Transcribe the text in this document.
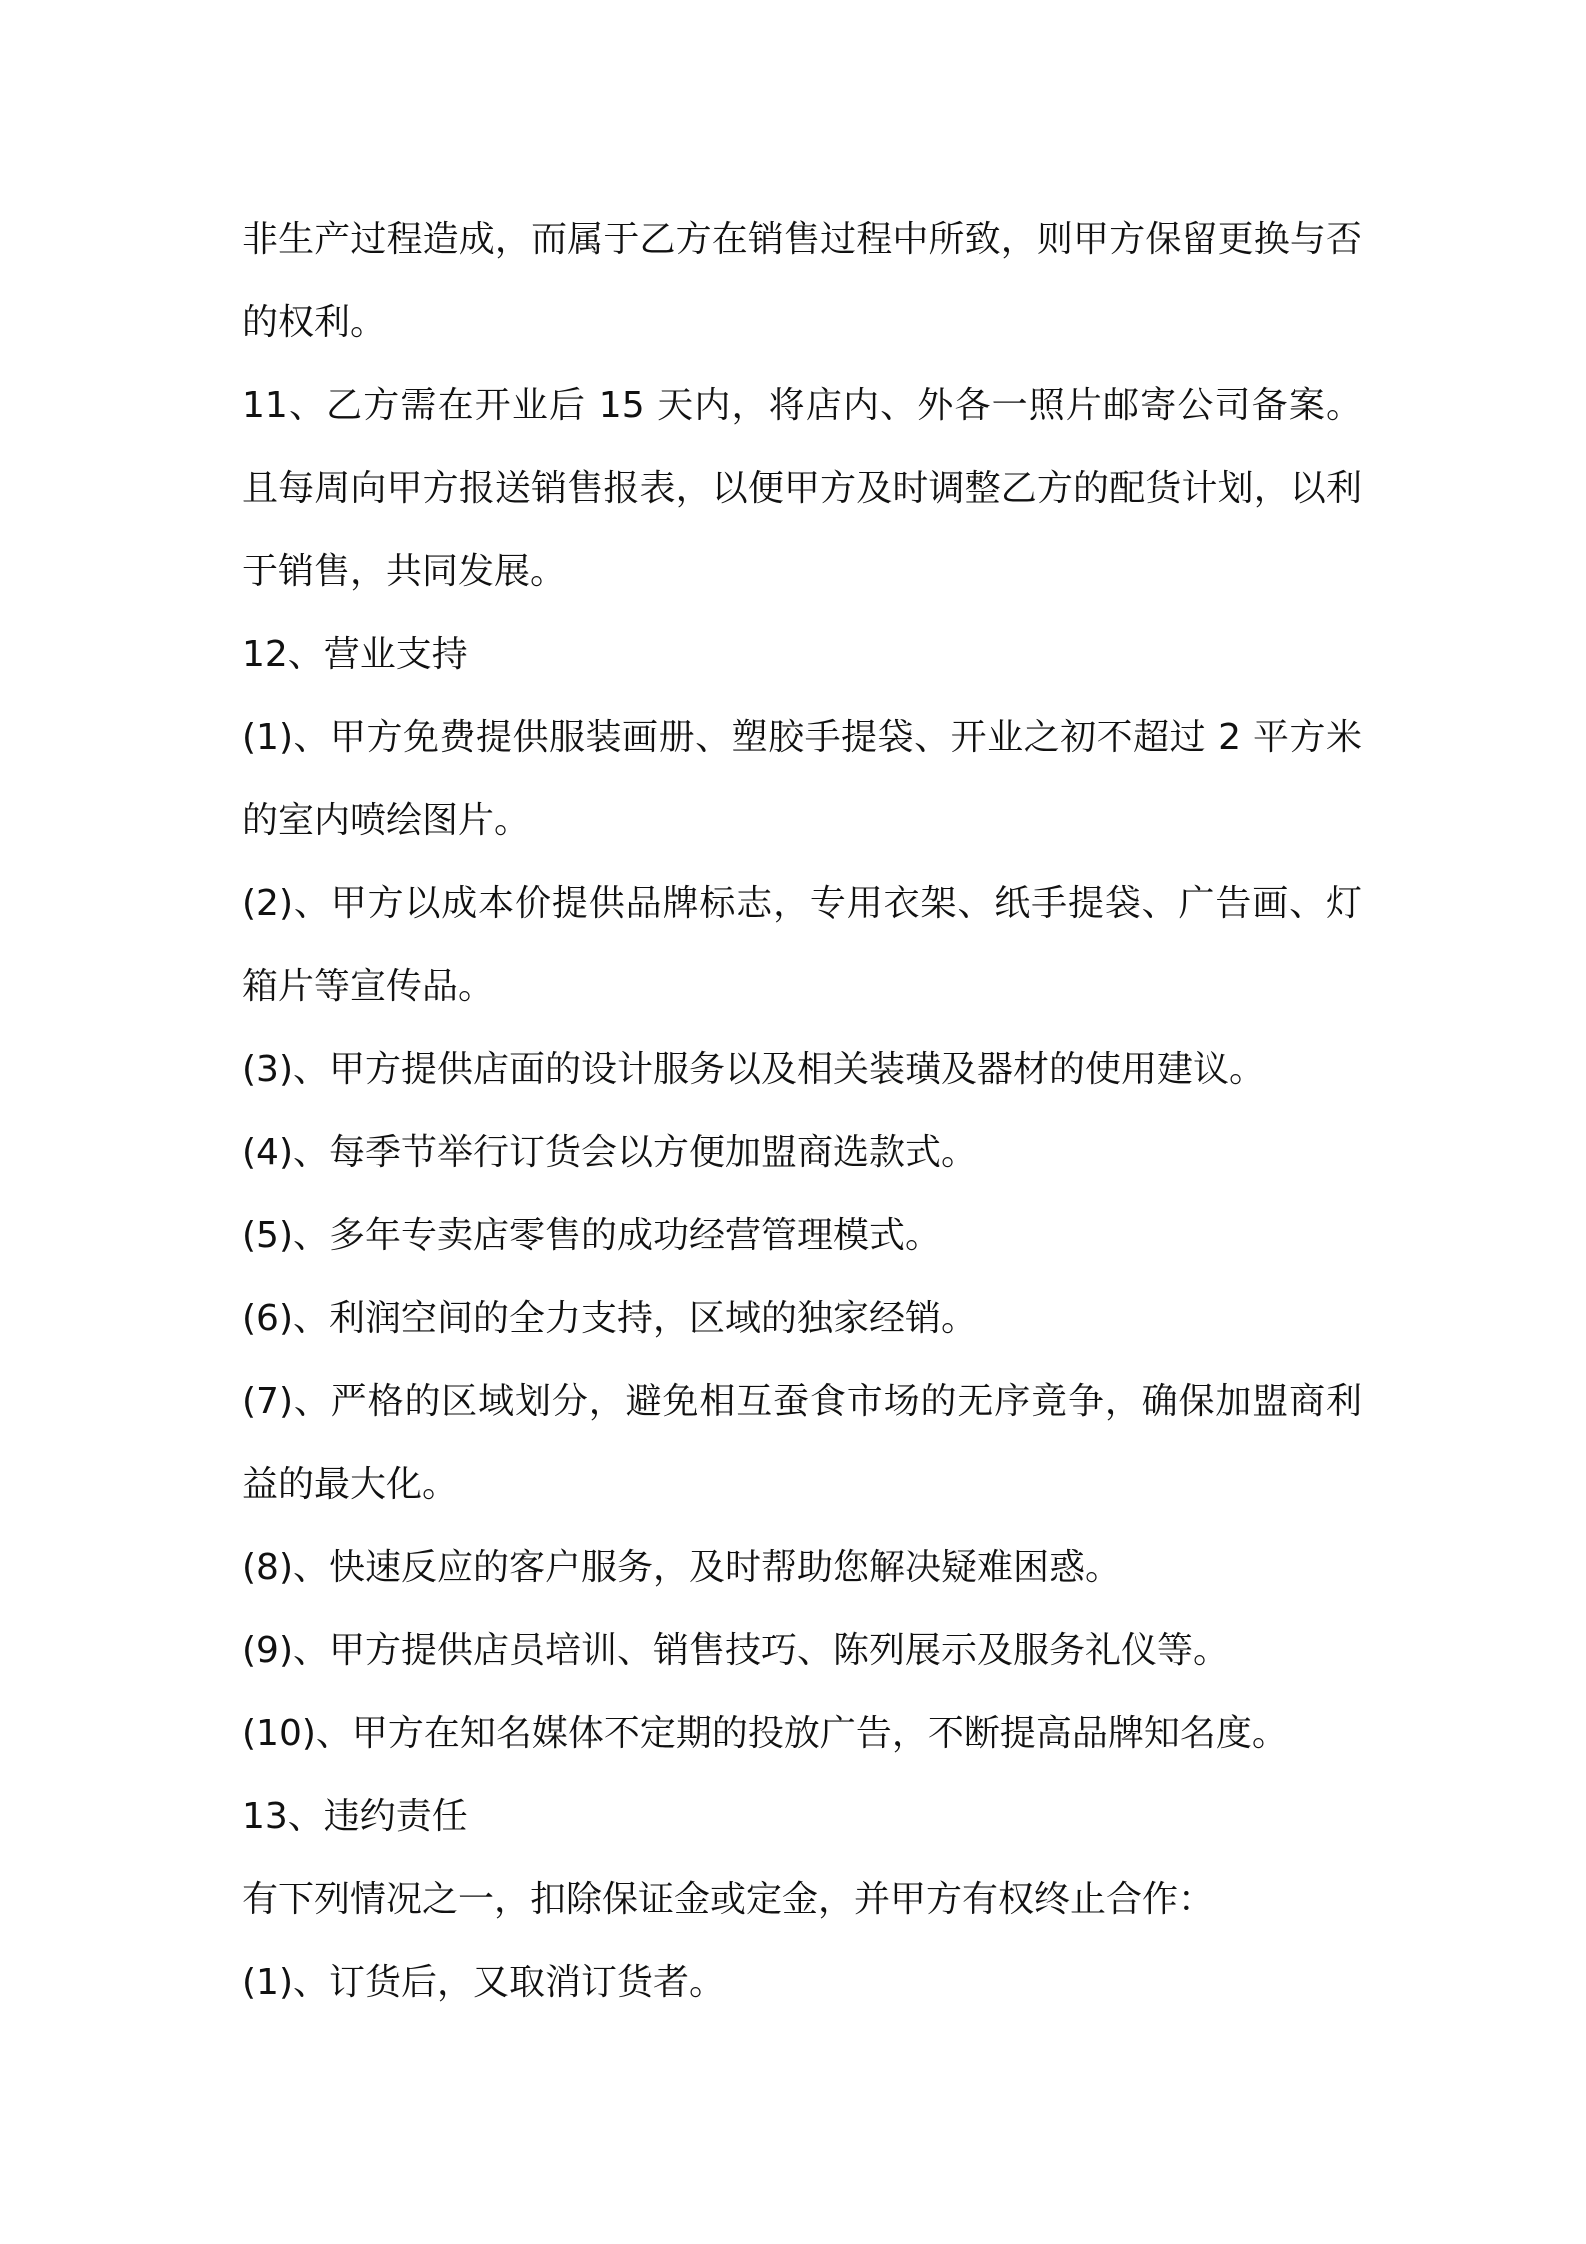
非生产过程造成，而属于乙方在销售过程中所致，则甲方保留更换与否的权利。

11、乙方需在开业后 15 天内，将店内、外各一照片邮寄公司备案。且每周向甲方报送销售报表，以便甲方及时调整乙方的配货计划，以利于销售，共同发展。

12、营业支持

(1)、甲方免费提供服装画册、塑胶手提袋、开业之初不超过 2 平方米的室内喷绘图片。

(2)、甲方以成本价提供品牌标志，专用衣架、纸手提袋、广告画、灯箱片等宣传品。

(3)、甲方提供店面的设计服务以及相关装璜及器材的使用建议。

(4)、每季节举行订货会以方便加盟商选款式。

(5)、多年专卖店零售的成功经营管理模式。

(6)、利润空间的全力支持，区域的独家经销。

(7)、严格的区域划分，避免相互蚕食市场的无序竟争，确保加盟商利益的最大化。

(8)、快速反应的客户服务，及时帮助您解决疑难困惑。

(9)、甲方提供店员培训、销售技巧、陈列展示及服务礼仪等。

(10)、甲方在知名媒体不定期的投放广告，不断提高品牌知名度。

13、违约责任

有下列情况之一，扣除保证金或定金，并甲方有权终止合作：

(1)、订货后，又取消订货者。
